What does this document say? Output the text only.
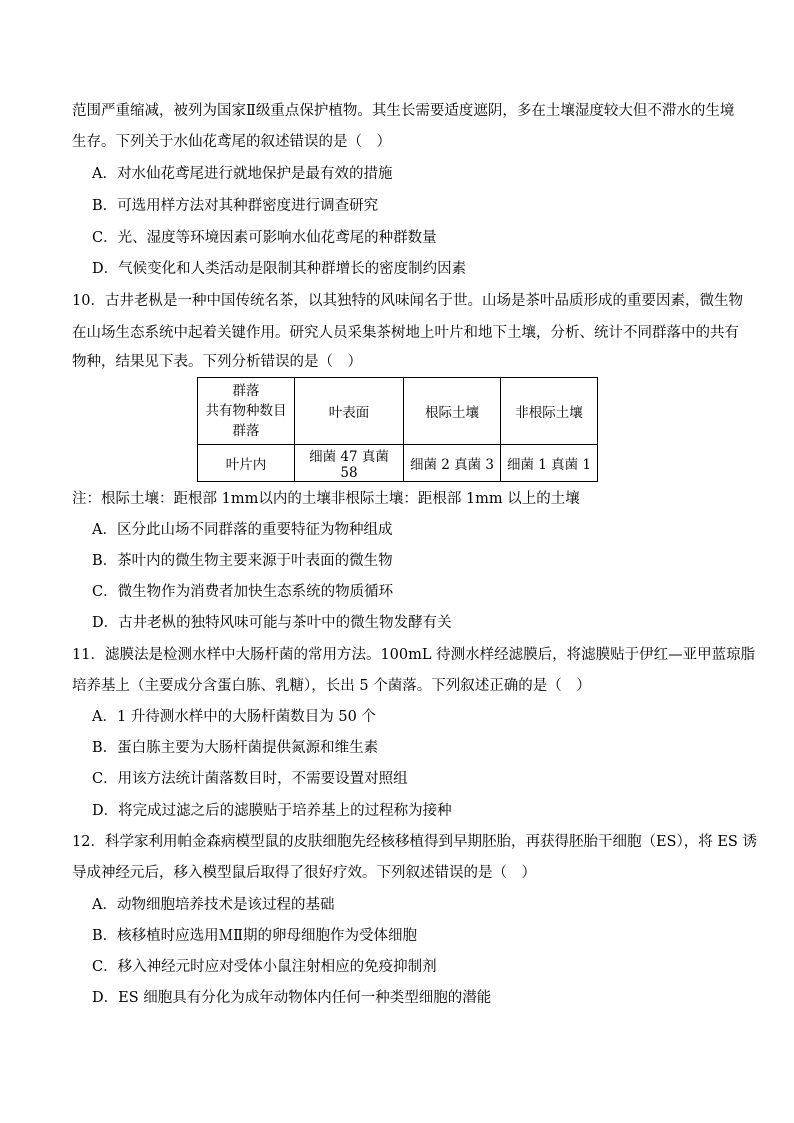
范围严重缩减，被列为国家Ⅱ级重点保护植物。其生长需要适度遮阴，多在土壤湿度较大但不滞水的生境
生存。下列关于水仙花鸢尾的叙述错误的是（　）
A．对水仙花鸢尾进行就地保护是最有效的措施
B．可选用样方法对其种群密度进行调查研究
C．光、湿度等环境因素可影响水仙花鸢尾的种群数量
D．气候变化和人类活动是限制其种群增长的密度制约因素
10．古井老枞是一种中国传统名茶，以其独特的风味闻名于世。山场是茶叶品质形成的重要因素，微生物
在山场生态系统中起着关键作用。研究人员采集茶树地上叶片和地下土壤，分析、统计不同群落中的共有
物种，结果见下表。下列分析错误的是（　）
群落
共有物种数目
群落	叶表面	根际土壤	非根际土壤
叶片内	细菌 47 真菌 58	细菌 2 真菌 3	细菌 1 真菌 1
注：根际土壤：距根部 1mm以内的土壤非根际土壤：距根部 1mm 以上的土壤
A．区分此山场不同群落的重要特征为物种组成
B．茶叶内的微生物主要来源于叶表面的微生物
C．微生物作为消费者加快生态系统的物质循环
D．古井老枞的独特风味可能与茶叶中的微生物发酵有关
11．滤膜法是检测水样中大肠杆菌的常用方法。100mL 待测水样经滤膜后，将滤膜贴于伊红—亚甲蓝琼脂
培养基上（主要成分含蛋白胨、乳糖），长出 5 个菌落。下列叙述正确的是（　）
A．1 升待测水样中的大肠杆菌数目为 50 个
B．蛋白胨主要为大肠杆菌提供氮源和维生素
C．用该方法统计菌落数目时，不需要设置对照组
D．将完成过滤之后的滤膜贴于培养基上的过程称为接种
12．科学家利用帕金森病模型鼠的皮肤细胞先经核移植得到早期胚胎，再获得胚胎干细胞（ES），将 ES 诱
导成神经元后，移入模型鼠后取得了很好疗效。下列叙述错误的是（　）
A．动物细胞培养技术是该过程的基础
B．核移植时应选用ＭⅡ期的卵母细胞作为受体细胞
C．移入神经元时应对受体小鼠注射相应的免疫抑制剂
D．ES 细胞具有分化为成年动物体内任何一种类型细胞的潜能
